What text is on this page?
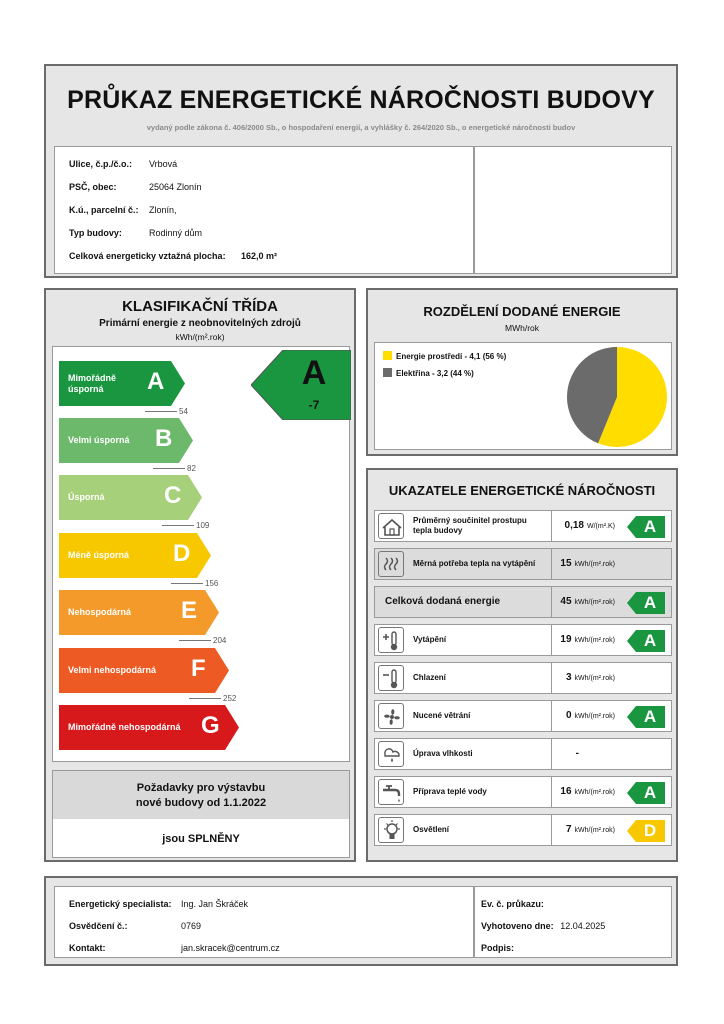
PRŮKAZ ENERGETICKÉ NÁROČNOSTI BUDOVY
vydaný podle zákona č. 406/2000 Sb., o hospodaření energií, a vyhlášky č. 264/2020 Sb., o energetické náročnosti budov
Ulice, č.p./č.o.: Vrbová
PSČ, obec:	25064 Zlonín
K.ú., parcelní č.: Zlonín,
Typ budovy:	Rodinný dům
Celková energeticky vztažná plocha: 162,0 m²
KLASIFIKAČNÍ TŘÍDA
Primární energie z neobnovitelných zdrojů
kWh/(m².rok)
Mimořádně úsporná	A
Velmi úsporná	B
Úsporná	C
Méně úsporná	D
Nehospodárná	E
Velmi nehospodárná	F
Mimořádně nehospodárná G
54
82
109
156
204
252
A
-7
Požadavky pro výstavbu
nové budovy od 1.1.2022
jsou SPLNĚNY
ROZDĚLENÍ DODANÉ ENERGIE
MWh/rok
Energie prostředí - 4,1 (56 %)
Elektřina - 3,2 (44 %)
UKAZATELE ENERGETICKÉ NÁROČNOSTI
Průměrný součinitel prostupu tepla budovy	0,18 W/(m².K)	A
Měrná potřeba tepla na vytápění	15 kWh/(m².rok)
Celková dodaná energie	45 kWh/(m².rok)	A
Vytápění	19 kWh/(m².rok)	A
Chlazení	3 kWh/(m².rok)
Nucené větrání	0 kWh/(m².rok)	A
Úprava vlhkosti	-
Příprava teplé vody	16 kWh/(m².rok)	A
Osvětlení	7 kWh/(m².rok)	D
Energetický specialista: Ing. Jan Škráček
Osvědčení č.:	0769
Kontakt:	jan.skracek@centrum.cz
Ev. č. průkazu:
Vyhotoveno dne: 12.04.2025
Podpis:
